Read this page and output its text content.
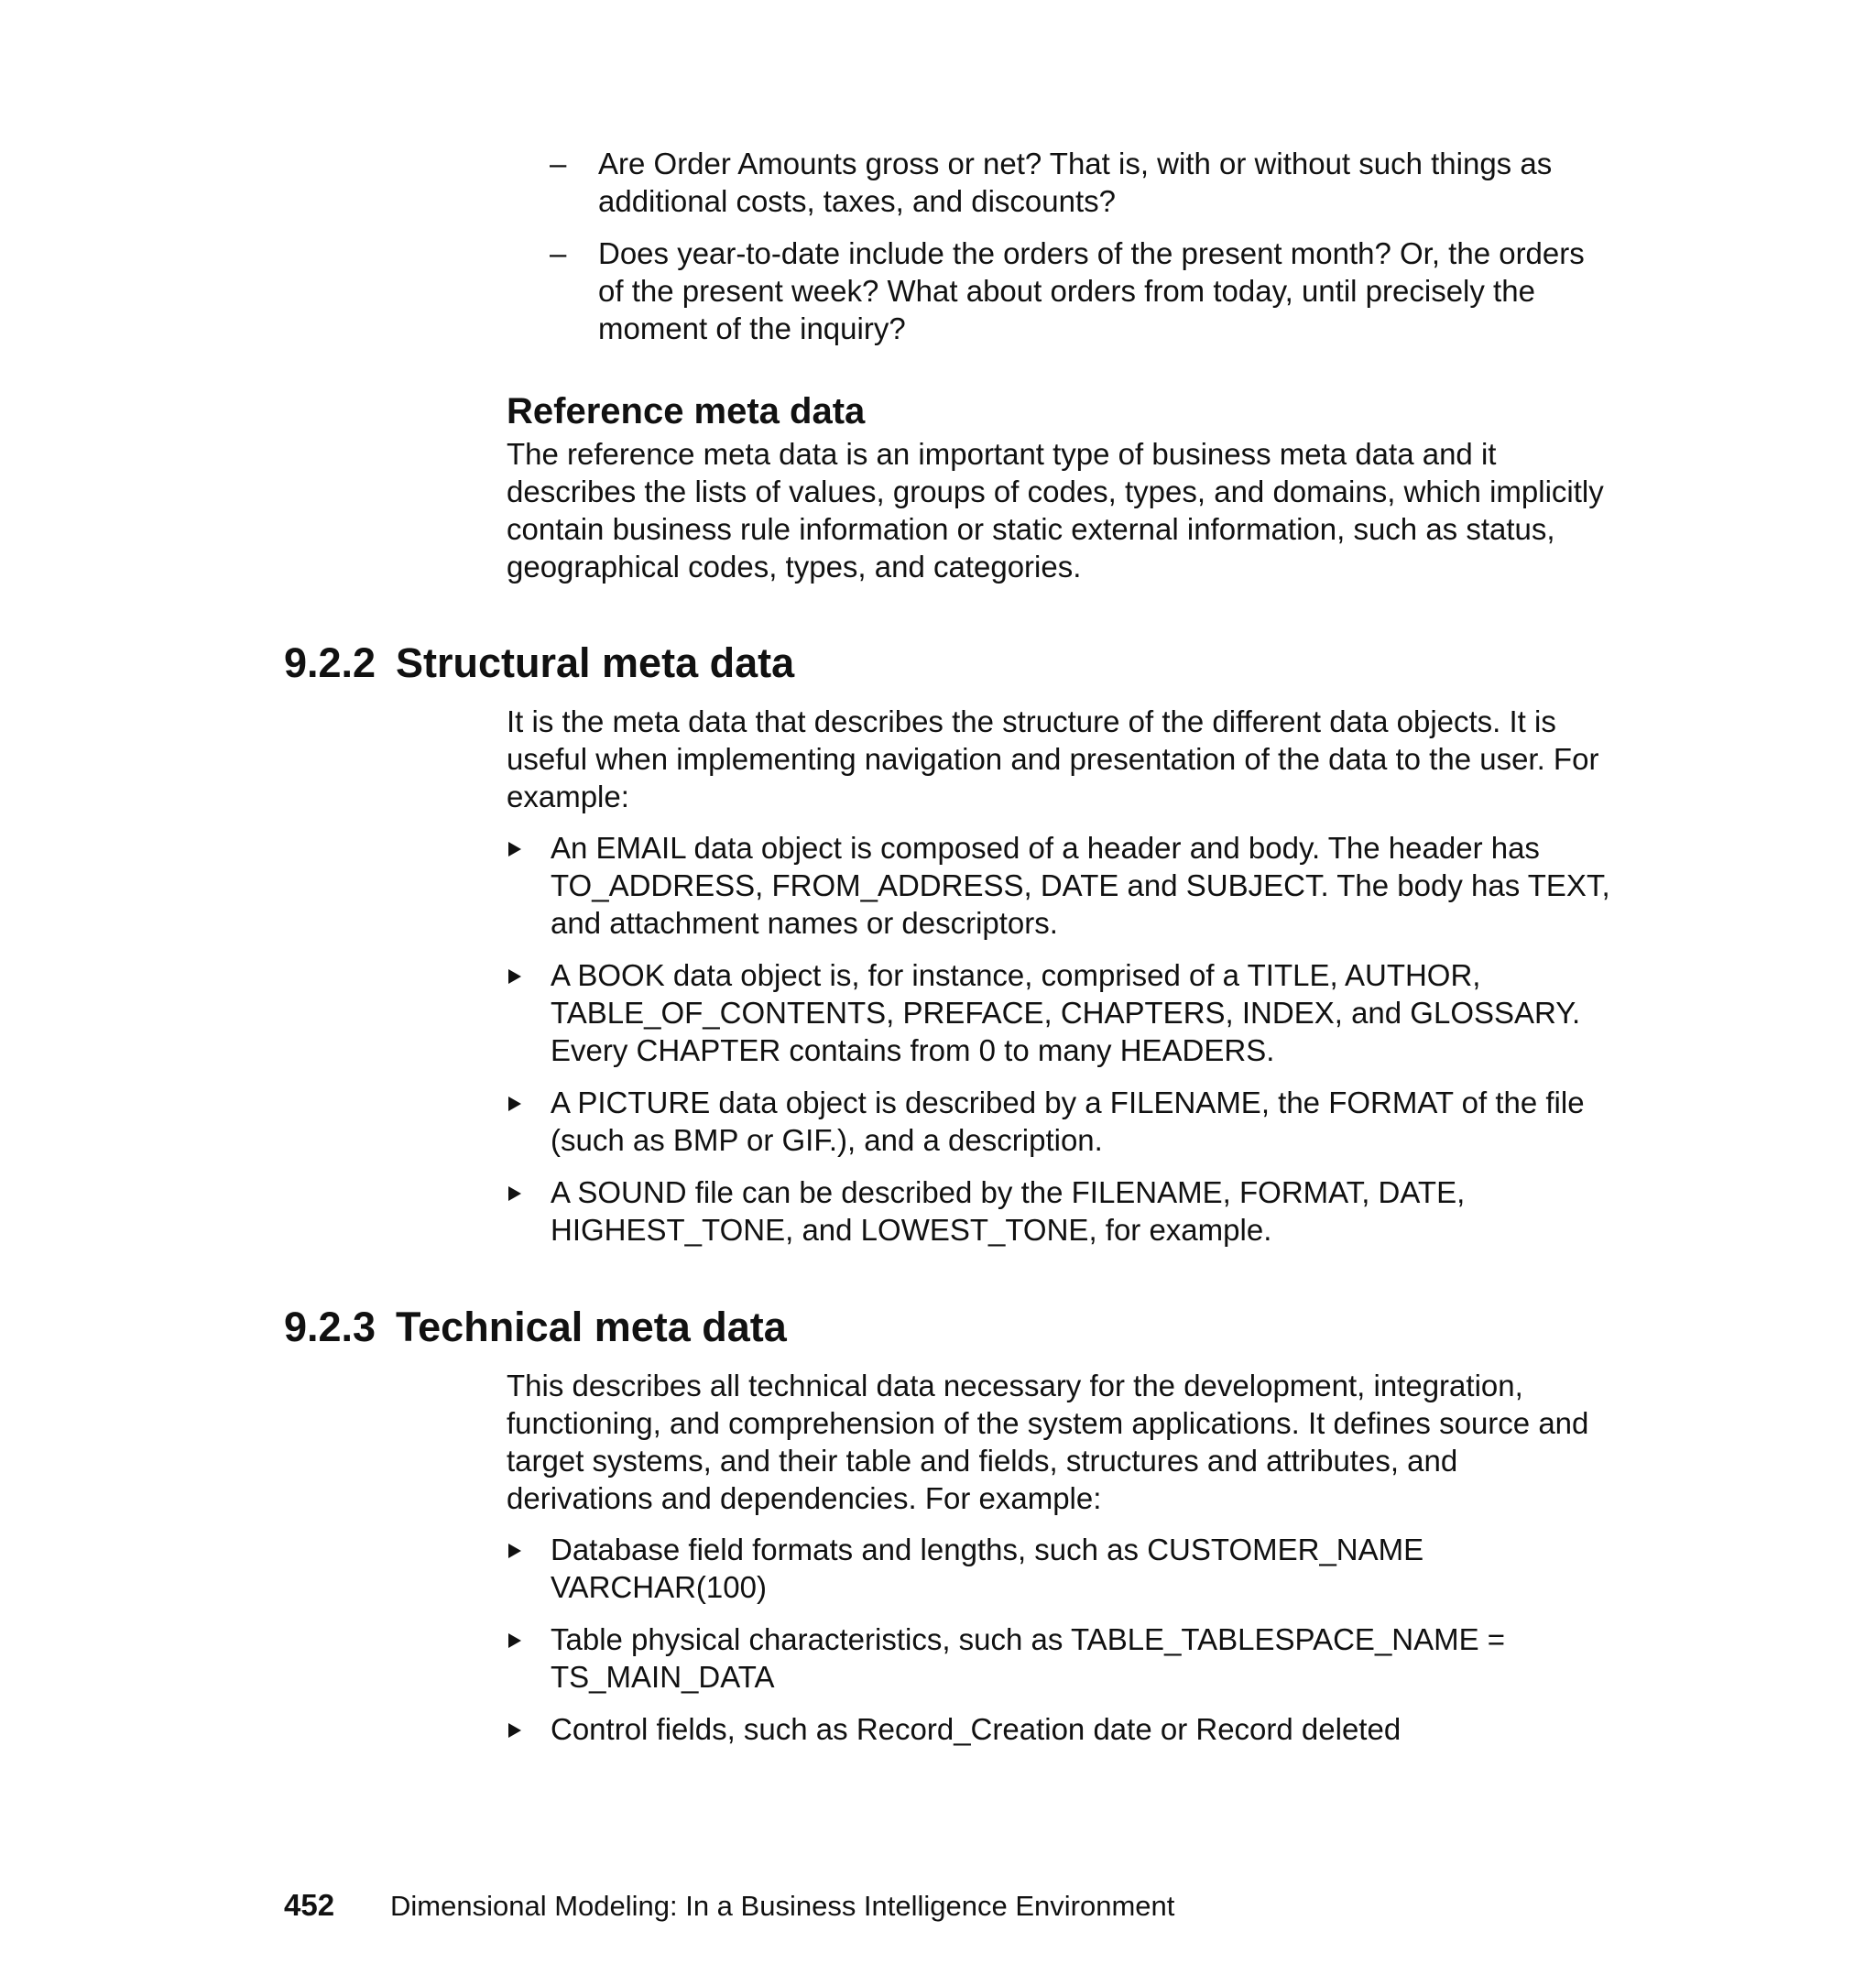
– Are Order Amounts gross or net? That is, with or without such things as additional costs, taxes, and discounts?
– Does year-to-date include the orders of the present month? Or, the orders of the present week? What about orders from today, until precisely the moment of the inquiry?
Reference meta data

The reference meta data is an important type of business meta data and it describes the lists of values, groups of codes, types, and domains, which implicitly contain business rule information or static external information, such as status, geographical codes, types, and categories.

9.2.2 Structural meta data

It is the meta data that describes the structure of the different data objects. It is useful when implementing navigation and presentation of the data to the user. For example:

An EMAIL data object is composed of a header and body. The header has TO_ADDRESS, FROM_ADDRESS, DATE and SUBJECT. The body has TEXT, and attachment names or descriptors.
A BOOK data object is, for instance, comprised of a TITLE, AUTHOR, TABLE_OF_CONTENTS, PREFACE, CHAPTERS, INDEX, and GLOSSARY. Every CHAPTER contains from 0 to many HEADERS.
A PICTURE data object is described by a FILENAME, the FORMAT of the file (such as BMP or GIF.), and a description.
A SOUND file can be described by the FILENAME, FORMAT, DATE, HIGHEST_TONE, and LOWEST_TONE, for example.
9.2.3 Technical meta data

This describes all technical data necessary for the development, integration, functioning, and comprehension of the system applications. It defines source and target systems, and their table and fields, structures and attributes, and derivations and dependencies. For example:

Database field formats and lengths, such as CUSTOMER_NAME VARCHAR(100)
Table physical characteristics, such as TABLE_TABLESPACE_NAME = TS_MAIN_DATA
Control fields, such as Record_Creation date or Record deleted
452 Dimensional Modeling: In a Business Intelligence Environment
